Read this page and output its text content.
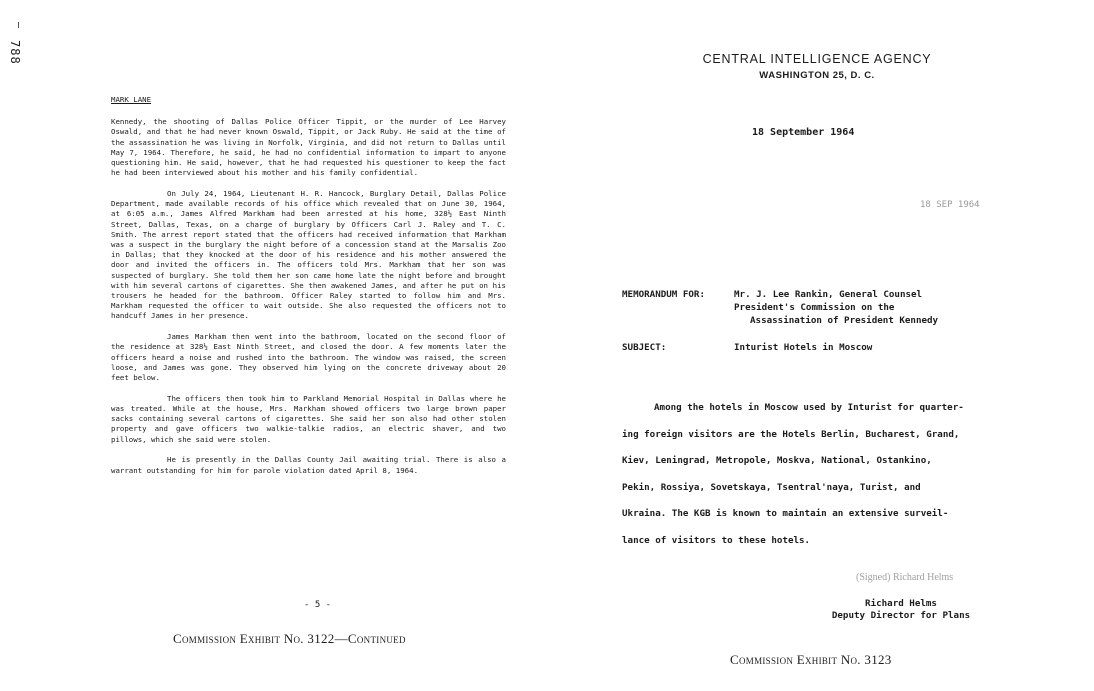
788
MARK LANE

Kennedy, the shooting of Dallas Police Officer Tippit, or the murder of Lee Harvey Oswald, and that he had never known Oswald, Tippit, or Jack Ruby. He said at the time of the assassination he was living in Norfolk, Virginia, and did not return to Dallas until May 7, 1964. Therefore, he said, he had no confidential information to impart to anyone questioning him. He said, however, that he had requested his questioner to keep the fact he had been interviewed about his mother and his family confidential.

On July 24, 1964, Lieutenant H. R. Hancock, Burglary Detail, Dallas Police Department, made available records of his office which revealed that on June 30, 1964, at 6:05 a.m., James Alfred Markham had been arrested at his home, 328½ East Ninth Street, Dallas, Texas, on a charge of burglary by Officers Carl J. Raley and T. C. Smith. The arrest report stated that the officers had received information that Markham was a suspect in the burglary the night before of a concession stand at the Marsalis Zoo in Dallas; that they knocked at the door of his residence and his mother answered the door and invited the officers in. The officers told Mrs. Markham that her son was suspected of burglary. She told them her son came home late the night before and brought with him several cartons of cigarettes. She then awakened James, and after he put on his trousers he headed for the bathroom. Officer Raley started to follow him and Mrs. Markham requested the officer to wait outside. She also requested the officers not to handcuff James in her presence.

James Markham then went into the bathroom, located on the second floor of the residence at 328½ East Ninth Street, and closed the door. A few moments later the officers heard a noise and rushed into the bathroom. The window was raised, the screen loose, and James was gone. They observed him lying on the concrete driveway about 20 feet below.

The officers then took him to Parkland Memorial Hospital in Dallas where he was treated. While at the house, Mrs. Markham showed officers two large brown paper sacks containing several cartons of cigarettes. She said her son also had other stolen property and gave officers two walkie-talkie radios, an electric shaver, and two pillows, which she said were stolen.

He is presently in the Dallas County Jail awaiting trial. There is also a warrant outstanding for him for parole violation dated April 8, 1964.

- 5 -
Commission Exhibit No. 3122—Continued
CENTRAL INTELLIGENCE AGENCY
WASHINGTON 25, D. C.
18 September 1964
18 SEP 1964
MEMORANDUM FOR:	Mr. J. Lee Rankin, General Counsel
President's Commission on the
Assassination of President Kennedy
SUBJECT:	Inturist Hotels in Moscow
Among the hotels in Moscow used by Inturist for quarter-
ing foreign visitors are the Hotels Berlin, Bucharest, Grand,
Kiev, Leningrad, Metropole, Moskva, National, Ostankino,
Pekin, Rossiya, Sovetskaya, Tsentral'naya, Turist, and
Ukraina. The KGB is known to maintain an extensive surveil-
lance of visitors to these hotels.
(Signed) Richard Helms
Richard Helms
Deputy Director for Plans
Commission Exhibit No. 3123
